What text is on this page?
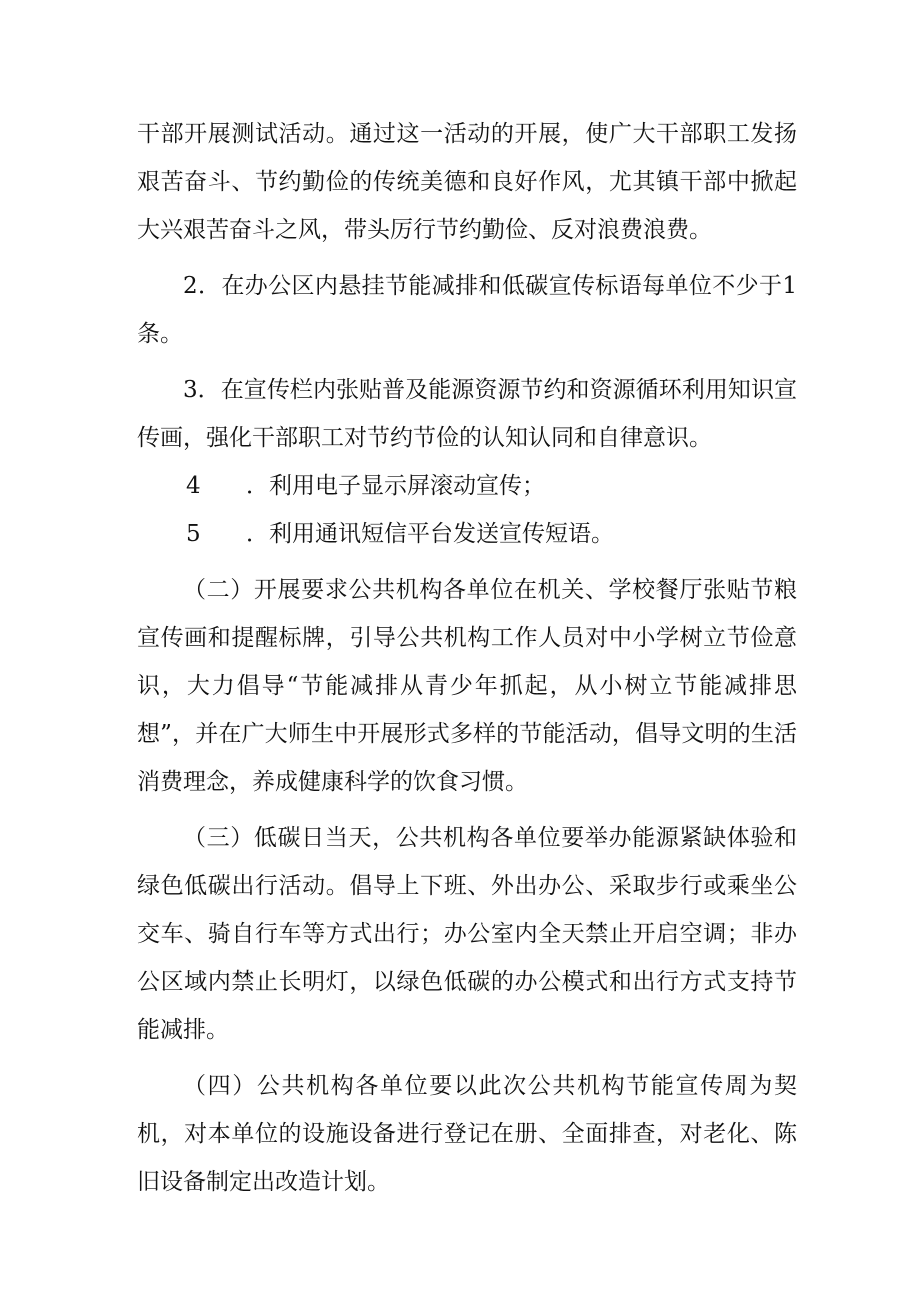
干部开展测试活动。通过这一活动的开展，使广大干部职工发扬艰苦奋斗、节约勤俭的传统美德和良好作风，尤其镇干部中掀起大兴艰苦奋斗之风，带头厉行节约勤俭、反对浪费浪费。

2．在办公区内悬挂节能减排和低碳宣传标语每单位不少于1条。

3．在宣传栏内张贴普及能源资源节约和资源循环利用知识宣传画，强化干部职工对节约节俭的认知认同和自律意识。

4	．利用电子显示屏滚动宣传；
5	．利用通讯短信平台发送宣传短语。

（二）开展要求公共机构各单位在机关、学校餐厅张贴节粮宣传画和提醒标牌，引导公共机构工作人员对中小学树立节俭意识，大力倡导“节能减排从青少年抓起，从小树立节能减排思想”，并在广大师生中开展形式多样的节能活动，倡导文明的生活消费理念，养成健康科学的饮食习惯。

（三）低碳日当天，公共机构各单位要举办能源紧缺体验和绿色低碳出行活动。倡导上下班、外出办公、采取步行或乘坐公交车、骑自行车等方式出行；办公室内全天禁止开启空调；非办公区域内禁止长明灯，以绿色低碳的办公模式和出行方式支持节能减排。

（四）公共机构各单位要以此次公共机构节能宣传周为契机，对本单位的设施设备进行登记在册、全面排查，对老化、陈旧设备制定出改造计划。
